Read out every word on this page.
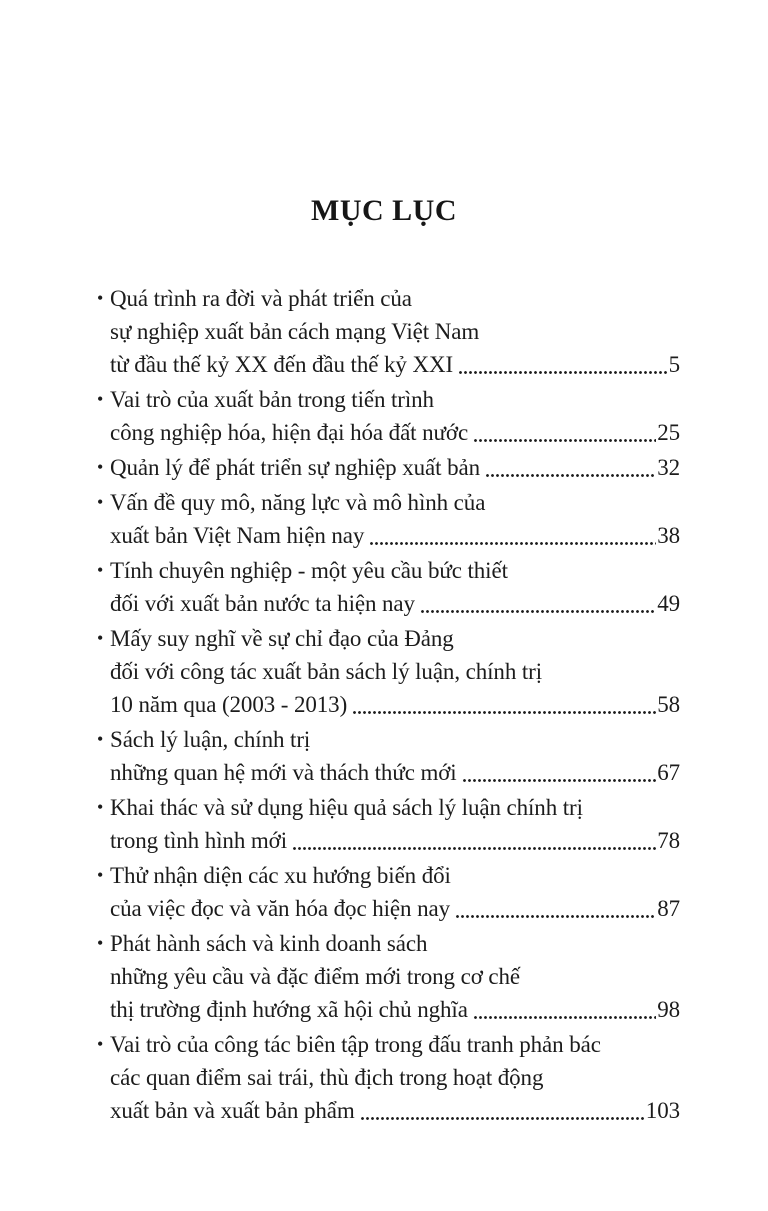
MỤC LỤC
• Quá trình ra đời và phát triển của
sự nghiệp xuất bản cách mạng Việt Nam
từ đầu thế kỷ XX đến đầu thế kỷ XXI	5
• Vai trò của xuất bản trong tiến trình
công nghiệp hóa, hiện đại hóa đất nước	25
• Quản lý để phát triển sự nghiệp xuất bản	32
• Vấn đề quy mô, năng lực và mô hình của
xuất bản Việt Nam hiện nay	38
• Tính chuyên nghiệp - một yêu cầu bức thiết
đối với xuất bản nước ta hiện nay	49
• Mấy suy nghĩ về sự chỉ đạo của Đảng
đối với công tác xuất bản sách lý luận, chính trị
10 năm qua (2003 - 2013)	58
• Sách lý luận, chính trị
những quan hệ mới và thách thức mới	67
• Khai thác và sử dụng hiệu quả sách lý luận chính trị
trong tình hình mới	78
• Thử nhận diện các xu hướng biến đổi
của việc đọc và văn hóa đọc hiện nay	87
• Phát hành sách và kinh doanh sách
những yêu cầu và đặc điểm mới trong cơ chế
thị trường định hướng xã hội chủ nghĩa	98
• Vai trò của công tác biên tập trong đấu tranh phản bác
các quan điểm sai trái, thù địch trong hoạt động
xuất bản và xuất bản phẩm	103
